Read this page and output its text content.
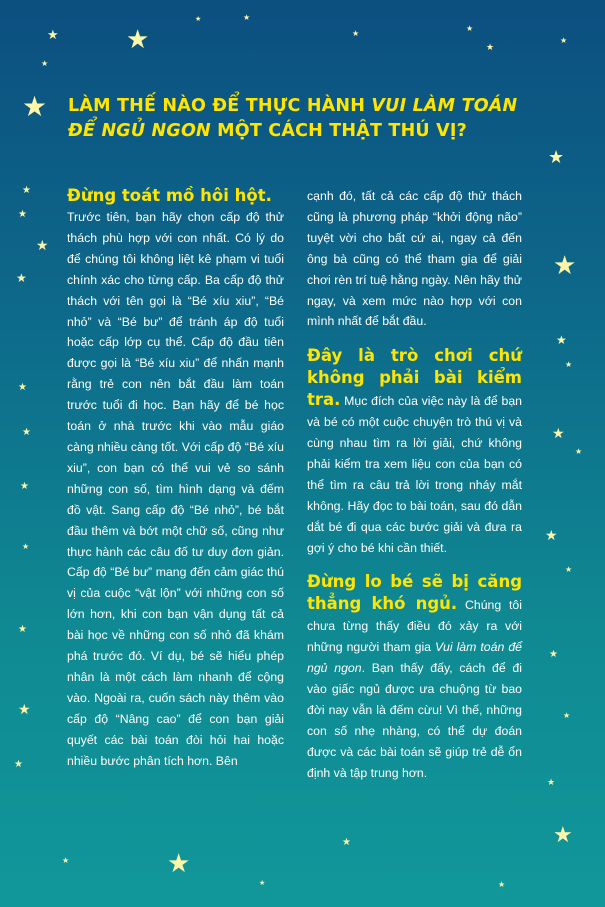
★
★
★
★	★
★
★
★
★
★
★
★
★
★
★	★
★
★
★
★	★
★
★
★
★
★
★
★
★	★
★
★
★
★
★
★
★	★
LÀM THẾ NÀO ĐỂ THỰC HÀNH VUI LÀM TOÁN
ĐỂ NGỦ NGON MỘT CÁCH THẬT THÚ VỊ?
Đừng toát mồ hôi hột.

Trước tiên, bạn hãy chọn cấp độ thử thách phù hợp với con nhất. Có lý do để chúng tôi không liệt kê phạm vi tuổi chính xác cho từng cấp. Ba cấp độ thử thách với tên gọi là “Bé xíu xiu”, “Bé nhỏ” và “Bé bư” để tránh áp độ tuổi hoặc cấp lớp cụ thể. Cấp độ đầu tiên được gọi là “Bé xíu xiu” để nhấn mạnh rằng trẻ con nên bắt đầu làm toán trước tuổi đi học. Bạn hãy để bé học toán ở nhà trước khi vào mẫu giáo càng nhiều càng tốt. Với cấp độ “Bé xíu xiu”, con bạn có thể vui vẻ so sánh những con số, tìm hình dạng và đếm đồ vật. Sang cấp độ “Bé nhỏ”, bé bắt đầu thêm và bớt một chữ số, cũng như thực hành các câu đố tư duy đơn giản. Cấp độ “Bé bư” mang đến cảm giác thú vị của cuộc “vật lộn” với những con số lớn hơn, khi con bạn vận dụng tất cả bài học về những con số nhỏ đã khám phá trước đó. Ví dụ, bé sẽ hiểu phép nhân là một cách làm nhanh để cộng vào. Ngoài ra, cuốn sách này thêm vào cấp độ “Nâng cao” để con bạn giải quyết các bài toán đòi hỏi hai hoặc nhiều bước phân tích hơn. Bên

cạnh đó, tất cả các cấp độ thử thách cũng là phương pháp “khởi động não” tuyệt vời cho bất cứ ai, ngay cả đến ông bà cũng có thể tham gia để giải chơi rèn trí tuệ hằng ngày. Nên hãy thử ngay, và xem mức nào hợp với con mình nhất để bắt đầu.

Đây là trò chơi chứ không phải bài kiểm tra. Mục đích của việc này là để bạn và bé có một cuộc chuyện trò thú vị và cùng nhau tìm ra lời giải, chứ không phải kiểm tra xem liệu con của bạn có thể tìm ra câu trả lời trong nháy mắt không. Hãy đọc to bài toán, sau đó dẫn dắt bé đi qua các bước giải và đưa ra gợi ý cho bé khi cần thiết.

Đừng lo bé sẽ bị căng thẳng khó ngủ. Chúng tôi chưa từng thấy điều đó xảy ra với những người tham gia Vui làm toán để ngủ ngon. Bạn thấy đấy, cách để đi vào giấc ngủ được ưa chuộng từ bao đời nay vẫn là đếm cừu! Vì thế, những con số nhẹ nhàng, có thể dự đoán được và các bài toán sẽ giúp trẻ dễ ổn định và tập trung hơn.
